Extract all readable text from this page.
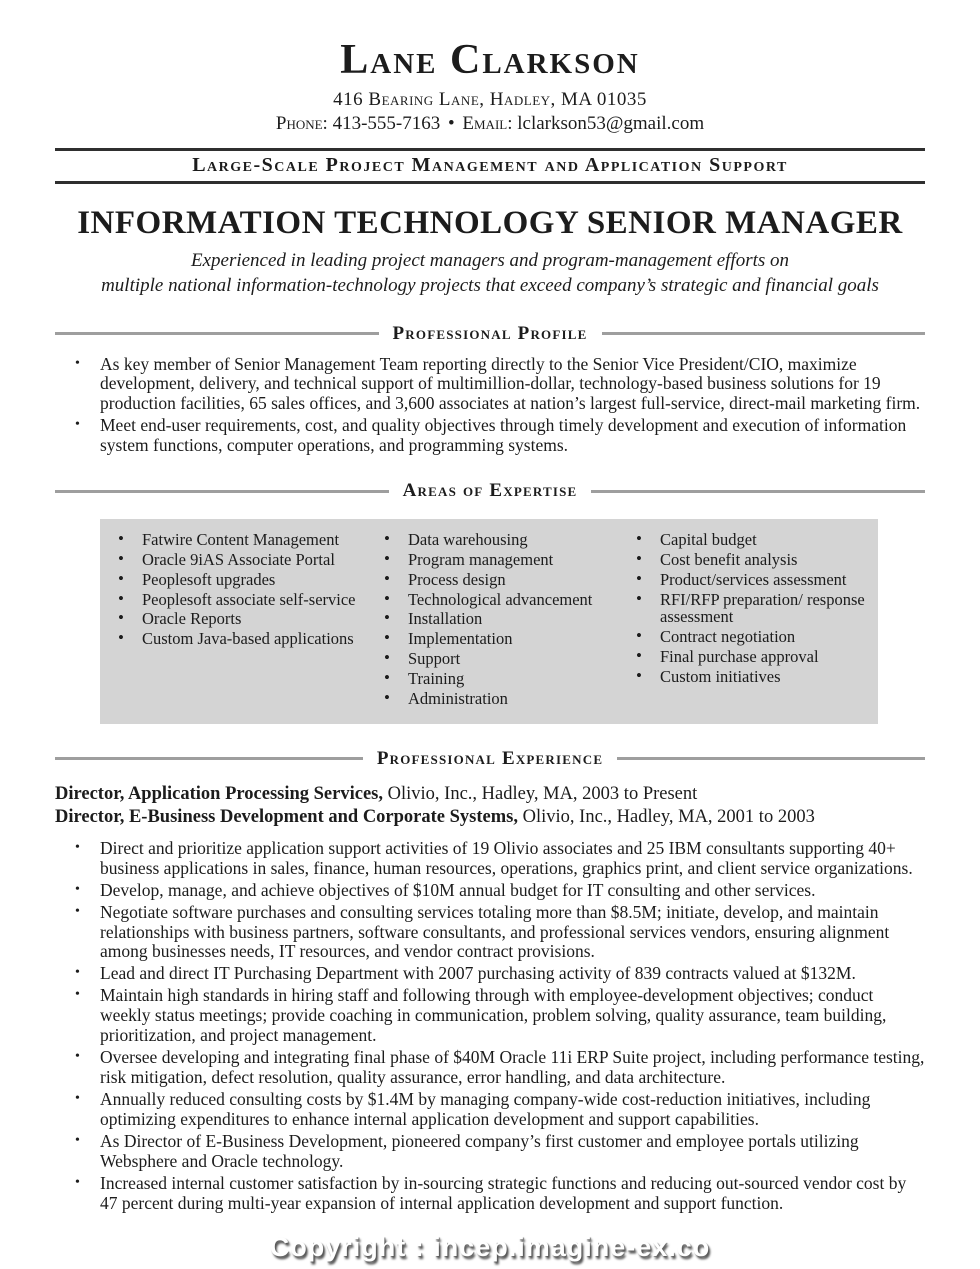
Lane Clarkson
416 Bearing Lane, Hadley, MA 01035
Phone: 413-555-7163 • Email: lclarkson53@gmail.com
Large-Scale Project Management and Application Support
INFORMATION TECHNOLOGY SENIOR MANAGER
Experienced in leading project managers and program-management efforts on
multiple national information-technology projects that exceed company’s strategic and financial goals
Professional Profile
• As key member of Senior Management Team reporting directly to the Senior Vice President/CIO, maximize development, delivery, and technical support of multimillion-dollar, technology-based business solutions for 19 production facilities, 65 sales offices, and 3,600 associates at nation’s largest full-service, direct-mail marketing firm.
• Meet end-user requirements, cost, and quality objectives through timely development and execution of information system functions, computer operations, and programming systems.
Areas of Expertise
• Fatwire Content Management
• Oracle 9iAS Associate Portal
• Peoplesoft upgrades
• Peoplesoft associate self-service
• Oracle Reports
• Custom Java-based applications
• Data warehousing
• Program management
• Process design
• Technological advancement
• Installation
• Implementation
• Support
• Training
• Administration
• Capital budget
• Cost benefit analysis
• Product/services assessment
• RFI/RFP preparation/ response assessment
• Contract negotiation
• Final purchase approval
• Custom initiatives
Professional Experience
Director, Application Processing Services, Olivio, Inc., Hadley, MA, 2003 to Present
Director, E-Business Development and Corporate Systems, Olivio, Inc., Hadley, MA, 2001 to 2003
• Direct and prioritize application support activities of 19 Olivio associates and 25 IBM consultants supporting 40+ business applications in sales, finance, human resources, operations, graphics print, and client service organizations.
• Develop, manage, and achieve objectives of $10M annual budget for IT consulting and other services.
• Negotiate software purchases and consulting services totaling more than $8.5M; initiate, develop, and maintain relationships with business partners, software consultants, and professional services vendors, ensuring alignment among businesses needs, IT resources, and vendor contract provisions.
• Lead and direct IT Purchasing Department with 2007 purchasing activity of 839 contracts valued at $132M.
• Maintain high standards in hiring staff and following through with employee-development objectives; conduct weekly status meetings; provide coaching in communication, problem solving, quality assurance, team building, prioritization, and project management.
• Oversee developing and integrating final phase of $40M Oracle 11i ERP Suite project, including performance testing, risk mitigation, defect resolution, quality assurance, error handling, and data architecture.
• Annually reduced consulting costs by $1.4M by managing company-wide cost-reduction initiatives, including optimizing expenditures to enhance internal application development and support capabilities.
• As Director of E-Business Development, pioneered company’s first customer and employee portals utilizing Websphere and Oracle technology.
• Increased internal customer satisfaction by in-sourcing strategic functions and reducing out-sourced vendor cost by 47 percent during multi-year expansion of internal application development and support function.
Copyright : incep.imagine-ex.co
